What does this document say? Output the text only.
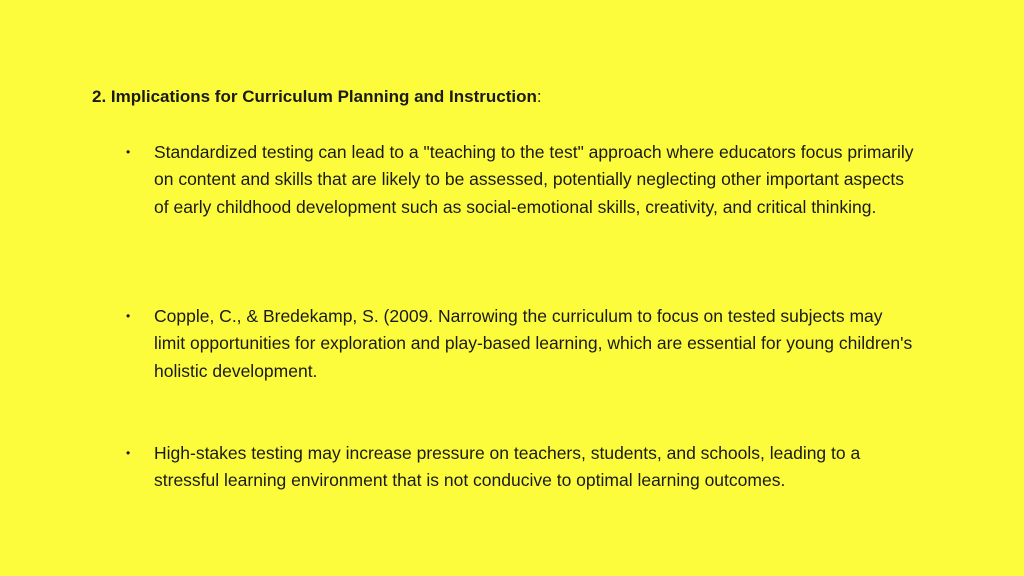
2. Implications for Curriculum Planning and Instruction:
• Standardized testing can lead to a "teaching to the test" approach where educators focus primarily on content and skills that are likely to be assessed, potentially neglecting other important aspects of early childhood development such as social-emotional skills, creativity, and critical thinking.
• Copple, C., & Bredekamp, S. (2009. Narrowing the curriculum to focus on tested subjects may limit opportunities for exploration and play-based learning, which are essential for young children's holistic development.
• High-stakes testing may increase pressure on teachers, students, and schools, leading to a stressful learning environment that is not conducive to optimal learning outcomes.
